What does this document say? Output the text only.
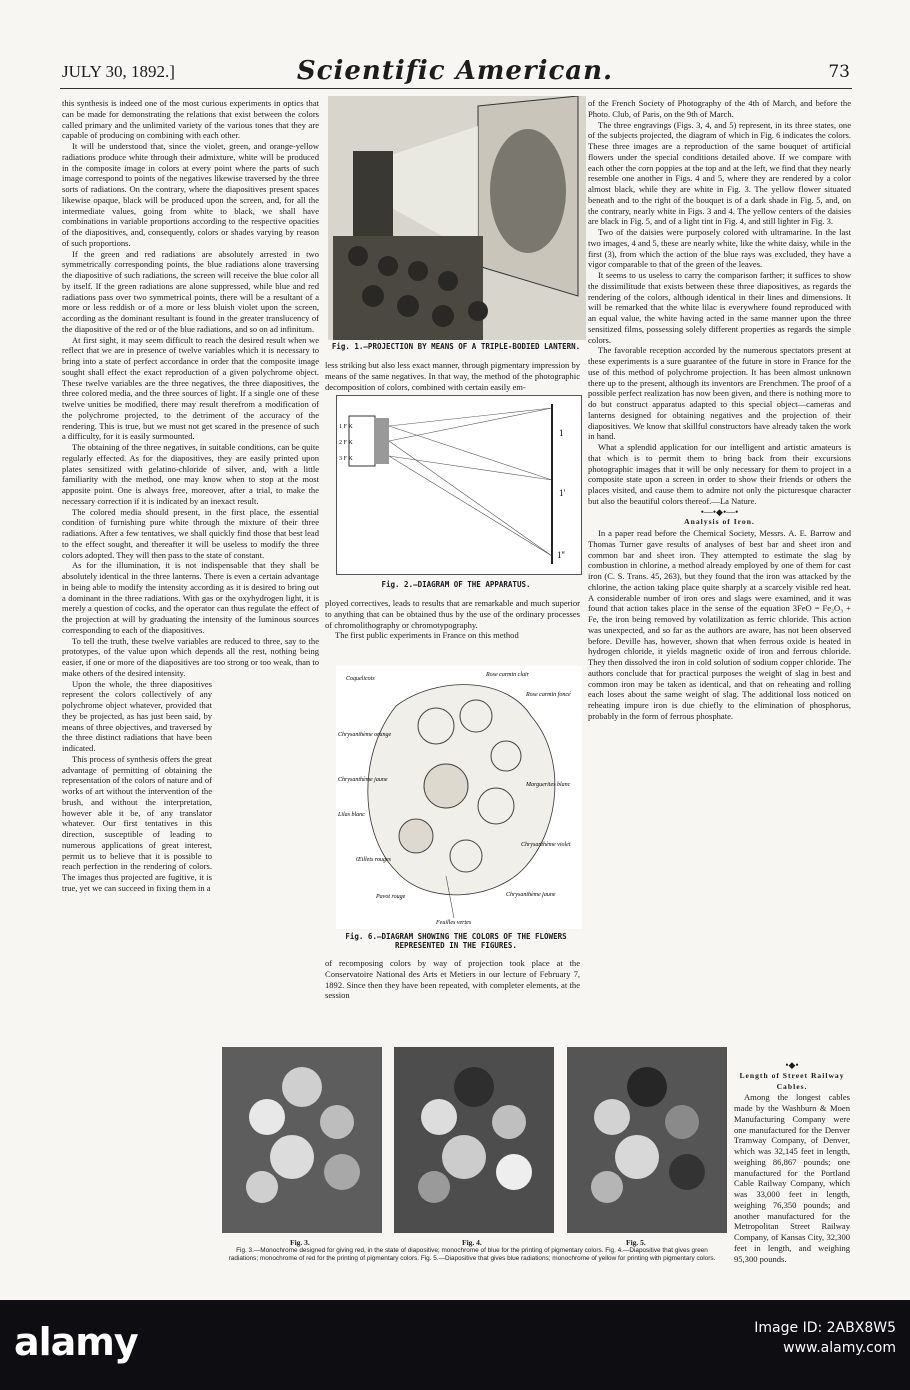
JULY 30, 1892.]	Scientific American.	73

this synthesis is indeed one of the most curious experiments in optics that can be made for demonstrating the relations that exist between the colors called primary and the unlimited variety of the various tones that they are capable of producing on combining with each other.

It will be understood that, since the violet, green, and orange-yellow radiations produce white through their admixture, white will be produced in the composite image in colors at every point where the parts of such image correspond to points of the negatives likewise traversed by the three sorts of radiations. On the contrary, where the diapositives present spaces likewise opaque, black will be produced upon the screen, and, for all the intermediate values, going from white to black, we shall have combinations in variable proportions according to the respective opacities of the diapositives, and, consequently, colors or shades varying by reason of such proportions.

If the green and red radiations are absolutely arrested in two symmetrically corresponding points, the blue radiations alone traversing the diapositive of such radiations, the screen will receive the blue color all by itself. If the green radiations are alone suppressed, while blue and red radiations pass over two symmetrical points, there will be a resultant of a more or less reddish or of a more or less bluish violet upon the screen, according as the dominant resultant is found in the greater translucency of the diapositive of the red or of the blue radiations, and so on ad infinitum.

At first sight, it may seem difficult to reach the desired result when we reflect that we are in presence of twelve variables which it is necessary to bring into a state of perfect accordance in order that the composite image sought shall effect the exact reproduction of a given polychrome object. These twelve variables are the three negatives, the three diapositives, the three colored media, and the three sources of light. If a single one of these twelve unities be modified, there may result therefrom a modification of the polychrome projected, to the detriment of the accuracy of the rendering. This is true, but we must not get scared in the presence of such a difficulty, for it is easily surmounted.

The obtaining of the three negatives, in suitable conditions, can be quite regularly effected. As for the diapositives, they are easily printed upon plates sensitized with gelatino-chloride of silver, and, with a little familiarity with the method, one may know when to stop at the most apposite point. One is always free, moreover, after a trial, to make the necessary correction if it is indicated by an inexact result.

The colored media should present, in the first place, the essential condition of furnishing pure white through the mixture of their three radiations. After a few tentatives, we shall quickly find those that best lead to the effect sought, and thereafter it will be useless to modify the three colors adopted. They will then pass to the state of constant.

As for the illumination, it is not indispensable that they shall be absolutely identical in the three lanterns. There is even a certain advantage in being able to modify the intensity according as it is desired to bring out a dominant in the three radiations. With gas or the oxyhydrogen light, it is merely a question of cocks, and the operator can thus regulate the effect of the projection at will by graduating the intensity of the luminous sources corresponding to each of the diapositives.

To tell the truth, these twelve variables are reduced to three, say to the prototypes, of the value upon which depends all the rest, nothing being easier, if one or more of the diapositives are too strong or too weak, than to make others of the desired intensity.

Upon the whole, the three diapositives represent the colors collectively of any polychrome object whatever, provided that they be projected, as has just been said, by means of three objectives, and traversed by the three distinct radiations that have been indicated.

This process of synthesis offers the great advantage of permitting of obtaining the representation of the colors of nature and of works of art without the intervention of the brush, and without the interpretation, however able it be, of any translator whatever. Our first tentatives in this direction, susceptible of leading to numerous applications of great interest, permit us to believe that it is possible to reach perfection in the rendering of colors. The images thus projected are fugitive, it is true, yet we can succeed in fixing them in a

Fig. 1.—PROJECTION BY MEANS OF A TRIPLE-BODIED LANTERN.

less striking but also less exact manner, through pigmentary impression by means of the same negatives. In that way, the method of the photographic decomposition of colors, combined with certain easily em-

1
1'
1''
1 F K
2 F K
3 F K
Fig. 2.—DIAGRAM OF THE APPARATUS.

ployed correctives, leads to results that are remarkable and much superior to anything that can be obtained thus by the use of the ordinary processes of chromolithography or chromotypography.

The first public experiments in France on this method

Coquelicots
Rose carmin clair
Rose carmin foncé
Chrysanthème orange
Chrysanthème jaune
Marguerites blanc
Lilas blanc
Œillets rouges
Chrysanthème violet
Pavot rouge
Feuilles vertes
Chrysanthème jaune
Fig. 6.—DIAGRAM SHOWING THE COLORS OF THE FLOWERS REPRESENTED IN THE FIGURES.

of recomposing colors by way of projection took place at the Conservatoire National des Arts et Metiers in our lecture of February 7, 1892. Since then they have been repeated, with completer elements, at the session

of the French Society of Photography of the 4th of March, and before the Photo. Club, of Paris, on the 9th of March.

The three engravings (Figs. 3, 4, and 5) represent, in its three states, one of the subjects projected, the diagram of which in Fig. 6 indicates the colors. These three images are a reproduction of the same bouquet of artificial flowers under the special conditions detailed above. If we compare with each other the corn poppies at the top and at the left, we find that they nearly resemble one another in Figs. 4 and 5, where they are rendered by a color almost black, while they are white in Fig. 3. The yellow flower situated beneath and to the right of the bouquet is of a dark shade in Fig. 5, and, on the contrary, nearly white in Figs. 3 and 4. The yellow centers of the daisies are black in Fig. 5, and of a light tint in Fig. 4, and still lighter in Fig. 3.

Two of the daisies were purposely colored with ultramarine. In the last two images, 4 and 5, these are nearly white, like the white daisy, while in the first (3), from which the action of the blue rays was excluded, they have a vigor comparable to that of the green of the leaves.

It seems to us useless to carry the comparison farther; it suffices to show the dissimilitude that exists between these three diapositives, as regards the rendering of the colors, although identical in their lines and dimensions. It will be remarked that the white lilac is everywhere found reproduced with an equal value, the white having acted in the same manner upon the three sensitized films, possessing solely different properties as regards the simple colors.

The favorable reception accorded by the numerous spectators present at these experiments is a sure guarantee of the future in store in France for the use of this method of polychrome projection. It has been almost unknown there up to the present, although its inventors are Frenchmen. The proof of a possible perfect realization has now been given, and there is nothing more to do but construct apparatus adapted to this special object—cameras and lanterns designed for obtaining negatives and the projection of their diapositives. We know that skillful constructors have already taken the work in hand.

What a splendid application for our intelligent and artistic amateurs is that which is to permit them to bring back from their excursions photographic images that it will be only necessary for them to project in a composite state upon a screen in order to show their friends or others the places visited, and cause them to admire not only the picturesque character but also the beautiful colors thereof.—La Nature.

•—•◆•—•

Analysis of Iron.

In a paper read before the Chemical Society, Messrs. A. E. Barrow and Thomas Turner gave results of analyses of best bar and sheet iron and common bar and sheet iron. They attempted to estimate the slag by combustion in chlorine, a method already employed by one of them for cast iron (C. S. Trans. 45, 263), but they found that the iron was attacked by the chlorine, the action taking place quite sharply at a scarcely visible red heat. A considerable number of iron ores and slags were examined, and it was found that action takes place in the sense of the equation 3FeO = Fe₂O₃ + Fe, the iron being removed by volatilization as ferric chloride. This action was unexpected, and so far as the authors are aware, has not been observed before. Deville has, however, shown that when ferrous oxide is heated in hydrogen chloride, it yields magnetic oxide of iron and ferrous chloride. They then dissolved the iron in cold solution of sodium copper chloride. The authors conclude that for practical purposes the weight of slag in best and common iron may be taken as identical, and that on reheating and rolling each loses about the same weight of slag. The additional loss noticed on reheating impure iron is due chiefly to the elimination of phosphorus, probably in the form of ferrous phosphate.

Fig. 3.	Fig. 4.	Fig. 5.
Fig. 3.—Monochrome designed for giving red, in the state of diapositive; monochrome of blue for the printing of pigmentary colors. Fig. 4.—Diapositive that gives green radiations; monochrome of red for the printing of pigmentary colors. Fig. 5.—Diapositive that gives blue radiations; monochrome of yellow for printing with pigmentary colors.

•◆•

Length of Street Railway Cables.

Among the longest cables made by the Washburn & Moen Manufacturing Company were one manufactured for the Denver Tramway Company, of Denver, which was 32,145 feet in length, weighing 86,867 pounds; one manufactured for the Portland Cable Railway Company, which was 33,000 feet in length, weighing 76,350 pounds; and another manufactured for the Metropolitan Street Railway Company, of Kansas City, 32,300 feet in length, and weighing 95,300 pounds.

alamy	Image ID: 2ABX8W5
www.alamy.com
